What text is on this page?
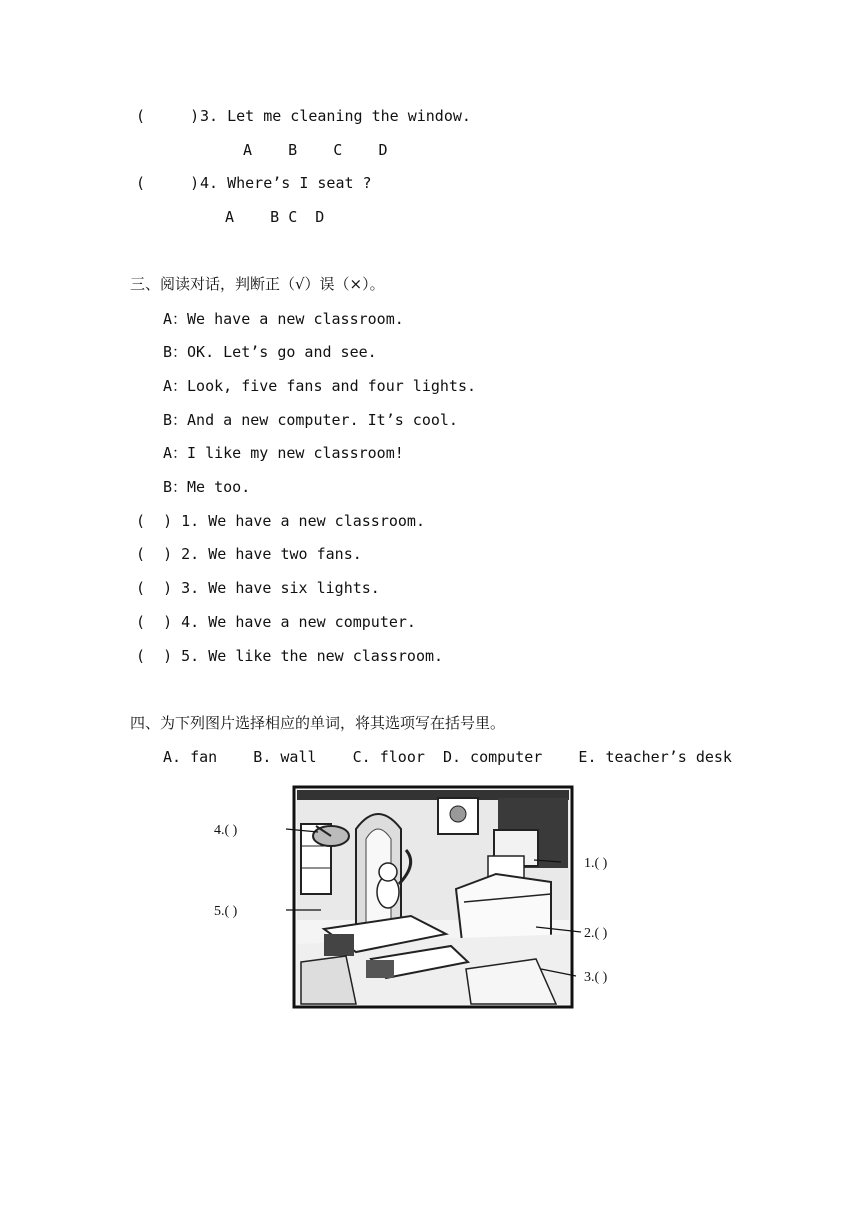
(     ) 3. Let me cleaning the window.
A    B    C    D
(     ) 4. Where’s I seat ?
A    B C  D
三、阅读对话，判断正（√）误（×）。
A：We have a new classroom.
B：OK. Let’s go and see.
A：Look, five fans and four lights.
B：And a new computer. It’s cool.
A：I like my new classroom!
B：Me too.
(  ) 1. We have a new classroom.
(  ) 2. We have two fans.
(  ) 3. We have six lights.
(  ) 4. We have a new computer.
(  ) 5. We like the new classroom.
四、为下列图片选择相应的单词，将其选项写在括号里。
A. fan    B. wall    C. floor  D. computer    E. teacher’s desk
4.( )
5.( )
1.( )
2.( )
3.( )
